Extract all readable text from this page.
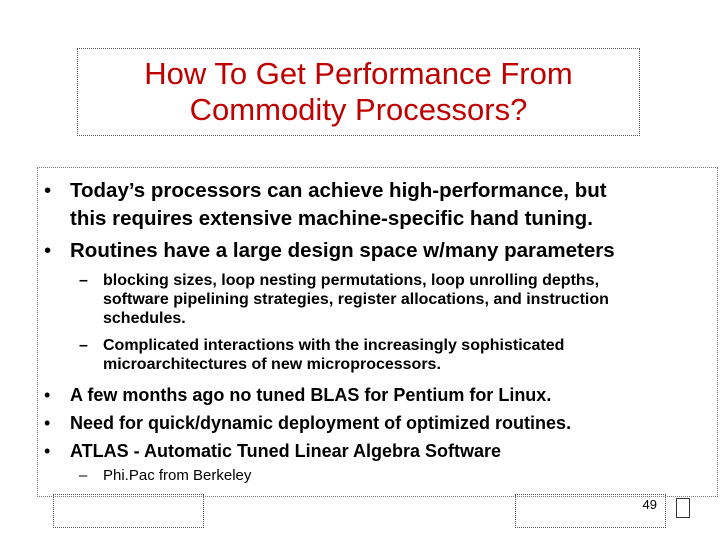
How To Get Performance From
Commodity Processors?
• Today’s processors can achieve high-performance, but
this requires extensive machine-specific hand tuning.
• Routines have a large design space w/many parameters
– blocking sizes, loop nesting permutations, loop unrolling depths,
software pipelining strategies, register allocations, and instruction
schedules.
– Complicated interactions with the increasingly sophisticated
microarchitectures of new microprocessors.
• A few months ago no tuned BLAS for Pentium for Linux.
• Need for quick/dynamic deployment of optimized routines.
• ATLAS - Automatic Tuned Linear Algebra Software
– Phi.Pac from Berkeley
49
